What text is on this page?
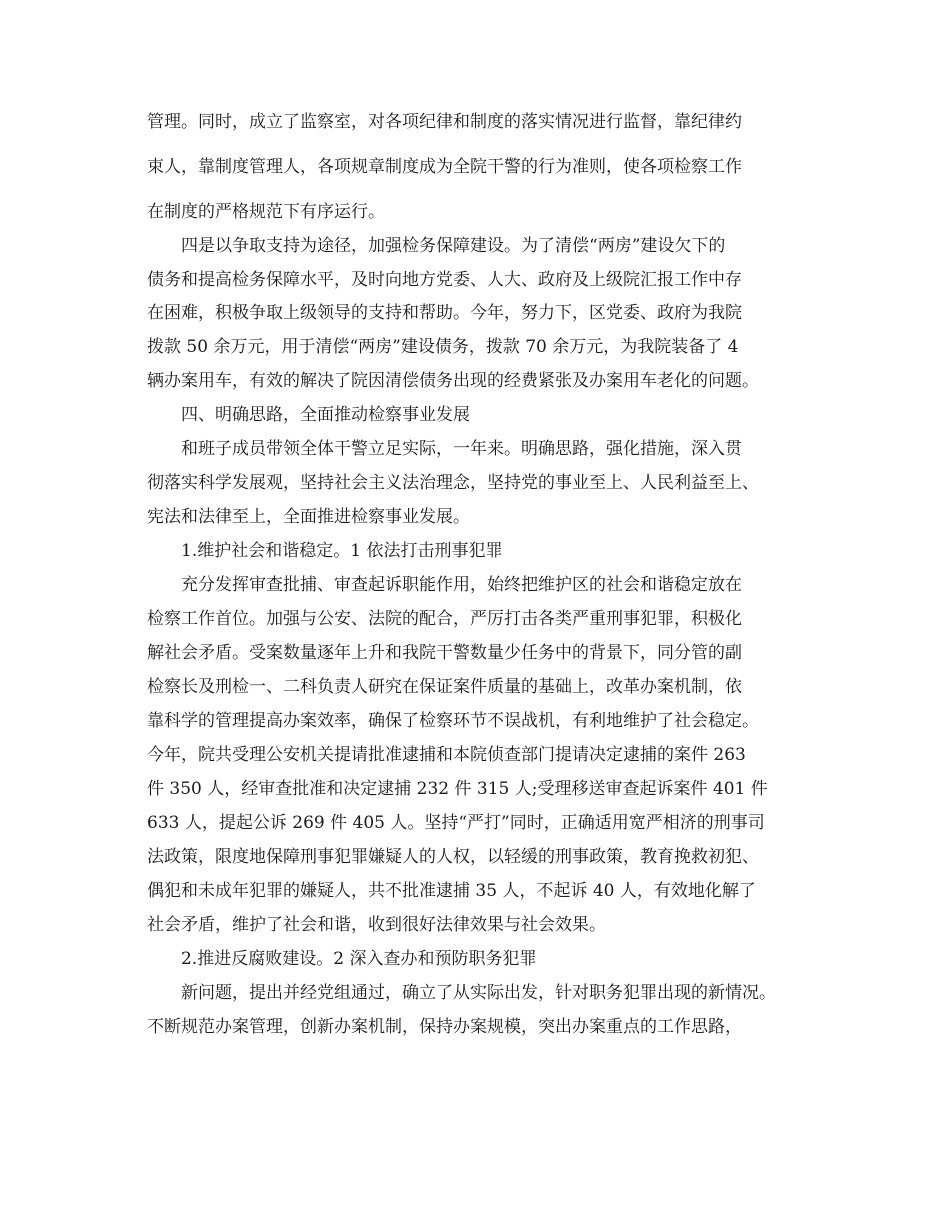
管理。同时，成立了监察室，对各项纪律和制度的落实情况进行监督，靠纪律约
束人，靠制度管理人，各项规章制度成为全院干警的行为准则，使各项检察工作
在制度的严格规范下有序运行。
四是以争取支持为途径，加强检务保障建设。为了清偿“两房”建设欠下的
债务和提高检务保障水平，及时向地方党委、人大、政府及上级院汇报工作中存
在困难，积极争取上级领导的支持和帮助。今年，努力下，区党委、政府为我院
拨款 50 余万元，用于清偿“两房”建设债务，拨款 70 余万元，为我院装备了 4
辆办案用车，有效的解决了院因清偿债务出现的经费紧张及办案用车老化的问题。
四、明确思路，全面推动检察事业发展
和班子成员带领全体干警立足实际，一年来。明确思路，强化措施，深入贯
彻落实科学发展观，坚持社会主义法治理念，坚持党的事业至上、人民利益至上、
宪法和法律至上，全面推进检察事业发展。
1.维护社会和谐稳定。1 依法打击刑事犯罪
充分发挥审查批捕、审查起诉职能作用，始终把维护区的社会和谐稳定放在
检察工作首位。加强与公安、法院的配合，严厉打击各类严重刑事犯罪，积极化
解社会矛盾。受案数量逐年上升和我院干警数量少任务中的背景下，同分管的副
检察长及刑检一、二科负责人研究在保证案件质量的基础上，改革办案机制，依
靠科学的管理提高办案效率，确保了检察环节不误战机，有利地维护了社会稳定。
今年，院共受理公安机关提请批准逮捕和本院侦查部门提请决定逮捕的案件 263
件 350 人，经审查批准和决定逮捕 232 件 315 人;受理移送审查起诉案件 401 件
633 人，提起公诉 269 件 405 人。坚持“严打”同时，正确适用宽严相济的刑事司
法政策，限度地保障刑事犯罪嫌疑人的人权，以轻缓的刑事政策，教育挽救初犯、
偶犯和未成年犯罪的嫌疑人，共不批准逮捕 35 人，不起诉 40 人，有效地化解了
社会矛盾，维护了社会和谐，收到很好法律效果与社会效果。
2.推进反腐败建设。2 深入查办和预防职务犯罪
新问题，提出并经党组通过，确立了从实际出发，针对职务犯罪出现的新情况。
不断规范办案管理，创新办案机制，保持办案规模，突出办案重点的工作思路，
